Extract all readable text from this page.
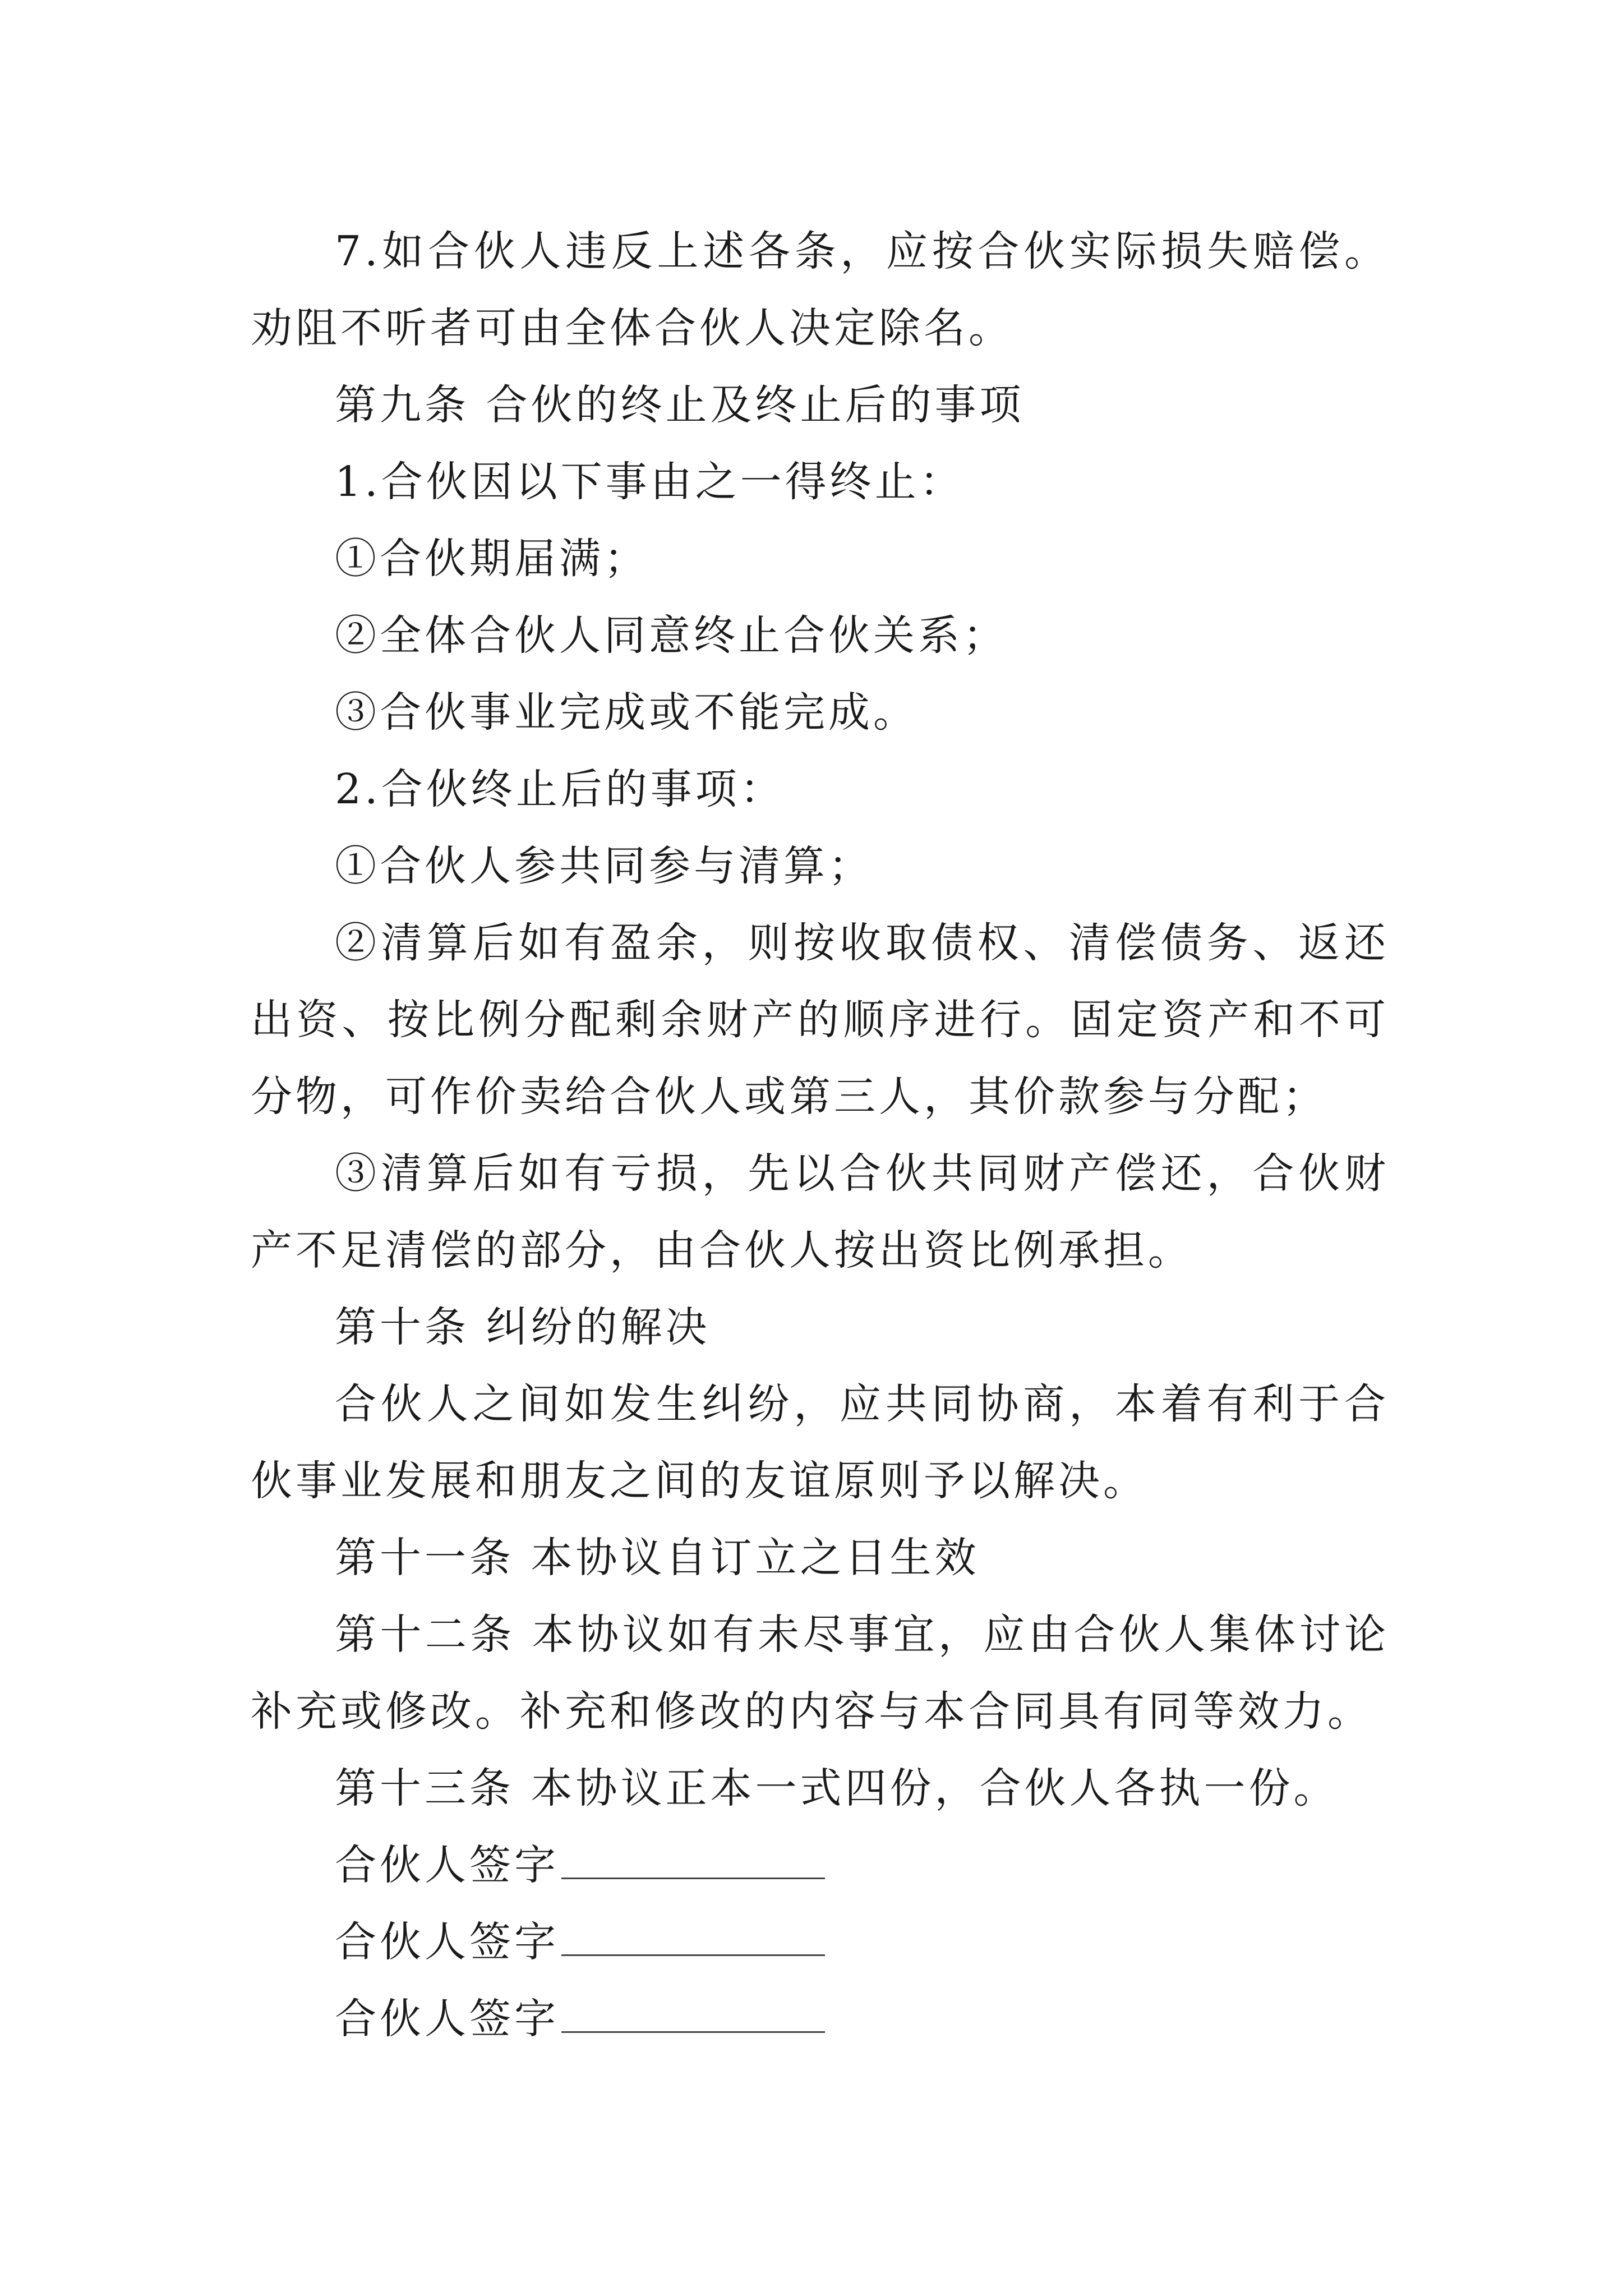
7.如合伙人违反上述各条，应按合伙实际损失赔偿。劝阻不听者可由全体合伙人决定除名。

第九条 合伙的终止及终止后的事项

1.合伙因以下事由之一得终止：

①合伙期届满；

②全体合伙人同意终止合伙关系；

③合伙事业完成或不能完成。

2.合伙终止后的事项：

①合伙人参共同参与清算；

②清算后如有盈余，则按收取债权、清偿债务、返还出资、按比例分配剩余财产的顺序进行。固定资产和不可分物，可作价卖给合伙人或第三人，其价款参与分配；

③清算后如有亏损，先以合伙共同财产偿还，合伙财产不足清偿的部分，由合伙人按出资比例承担。

第十条 纠纷的解决

合伙人之间如发生纠纷，应共同协商，本着有利于合伙事业发展和朋友之间的友谊原则予以解决。

第十一条 本协议自订立之日生效

第十二条 本协议如有未尽事宜，应由合伙人集体讨论补充或修改。补充和修改的内容与本合同具有同等效力。

第十三条 本协议正本一式四份，合伙人各执一份。

合伙人签字

合伙人签字

合伙人签字
